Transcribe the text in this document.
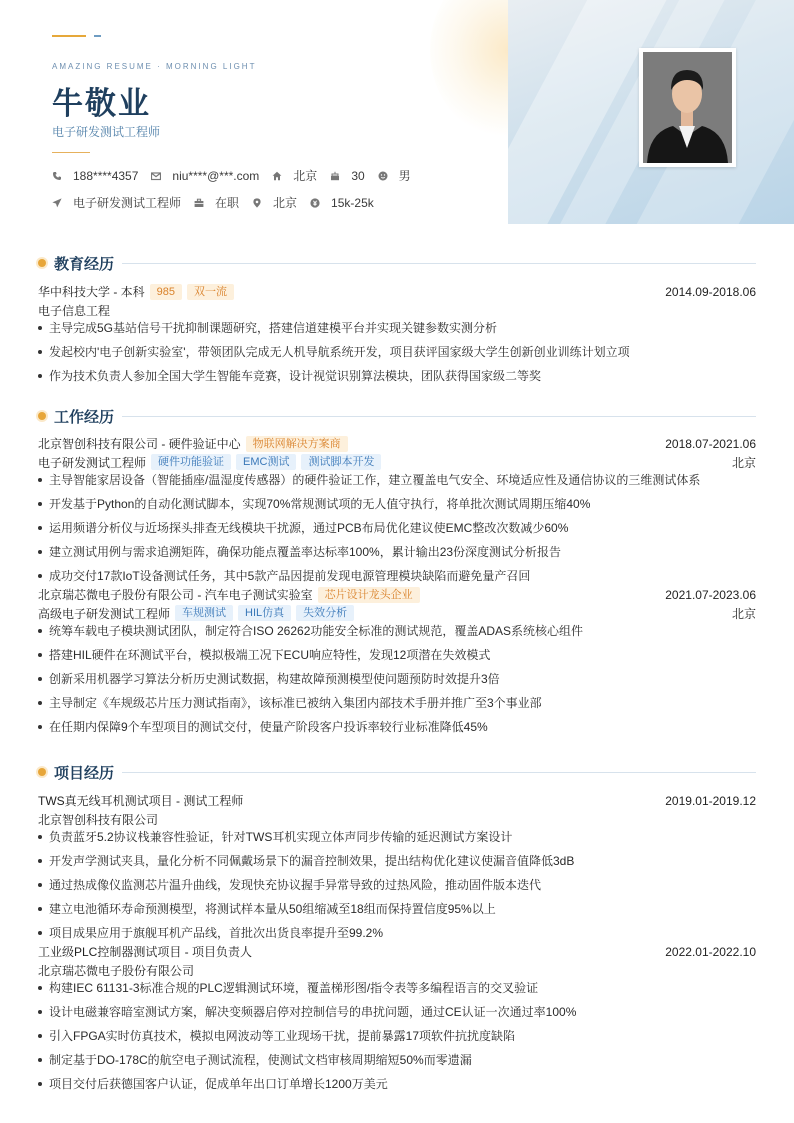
AMAZING RESUME · MORNING LIGHT
牛敬业
电子研发测试工程师
188****4357	niu****@***.com	北京	30	男
电子研发测试工程师	在职	北京	15k-25k
教育经历
华中科技大学 - 本科	985	双一流	2014.09-2018.06
电子信息工程
主导完成5G基站信号干扰抑制课题研究，搭建信道建模平台并实现关键参数实测分析
发起校内'电子创新实验室'，带领团队完成无人机导航系统开发，项目获评国家级大学生创新创业训练计划立项
作为技术负责人参加全国大学生智能车竞赛，设计视觉识别算法模块，团队获得国家级二等奖
工作经历
北京智创科技有限公司 - 硬件验证中心	物联网解决方案商	2018.07-2021.06
电子研发测试工程师	硬件功能验证	EMC测试	测试脚本开发	北京
主导智能家居设备（智能插座/温湿度传感器）的硬件验证工作，建立覆盖电气安全、环境适应性及通信协议的三维测试体系
开发基于Python的自动化测试脚本，实现70%常规测试项的无人值守执行，将单批次测试周期压缩40%
运用频谱分析仪与近场探头排查无线模块干扰源，通过PCB布局优化建议使EMC整改次数减少60%
建立测试用例与需求追溯矩阵，确保功能点覆盖率达标率100%，累计输出23份深度测试分析报告
成功交付17款IoT设备测试任务，其中5款产品因提前发现电源管理模块缺陷而避免量产召回
北京瑞芯微电子股份有限公司 - 汽车电子测试实验室	芯片设计龙头企业	2021.07-2023.06
高级电子研发测试工程师	车规测试	HIL仿真	失效分析	北京
统筹车载电子模块测试团队，制定符合ISO 26262功能安全标准的测试规范，覆盖ADAS系统核心组件
搭建HIL硬件在环测试平台，模拟极端工况下ECU响应特性，发现12项潜在失效模式
创新采用机器学习算法分析历史测试数据，构建故障预测模型使问题预防时效提升3倍
主导制定《车规级芯片压力测试指南》，该标准已被纳入集团内部技术手册并推广至3个事业部
在任期内保障9个车型项目的测试交付，使量产阶段客户投诉率较行业标准降低45%
项目经历
TWS真无线耳机测试项目 - 测试工程师	2019.01-2019.12
北京智创科技有限公司
负责蓝牙5.2协议栈兼容性验证，针对TWS耳机实现立体声同步传输的延迟测试方案设计
开发声学测试夹具，量化分析不同佩戴场景下的漏音控制效果，提出结构优化建议使漏音值降低3dB
通过热成像仪监测芯片温升曲线，发现快充协议握手异常导致的过热风险，推动固件版本迭代
建立电池循环寿命预测模型，将测试样本量从50组缩减至18组而保持置信度95%以上
项目成果应用于旗舰耳机产品线，首批次出货良率提升至99.2%
工业级PLC控制器测试项目 - 项目负责人	2022.01-2022.10
北京瑞芯微电子股份有限公司
构建IEC 61131-3标准合规的PLC逻辑测试环境，覆盖梯形图/指令表等多编程语言的交叉验证
设计电磁兼容暗室测试方案，解决变频器启停对控制信号的串扰问题，通过CE认证一次通过率100%
引入FPGA实时仿真技术，模拟电网波动等工业现场干扰，提前暴露17项软件抗扰度缺陷
制定基于DO-178C的航空电子测试流程，使测试文档审核周期缩短50%而零遗漏
项目交付后获德国客户认证，促成单年出口订单增长1200万美元
